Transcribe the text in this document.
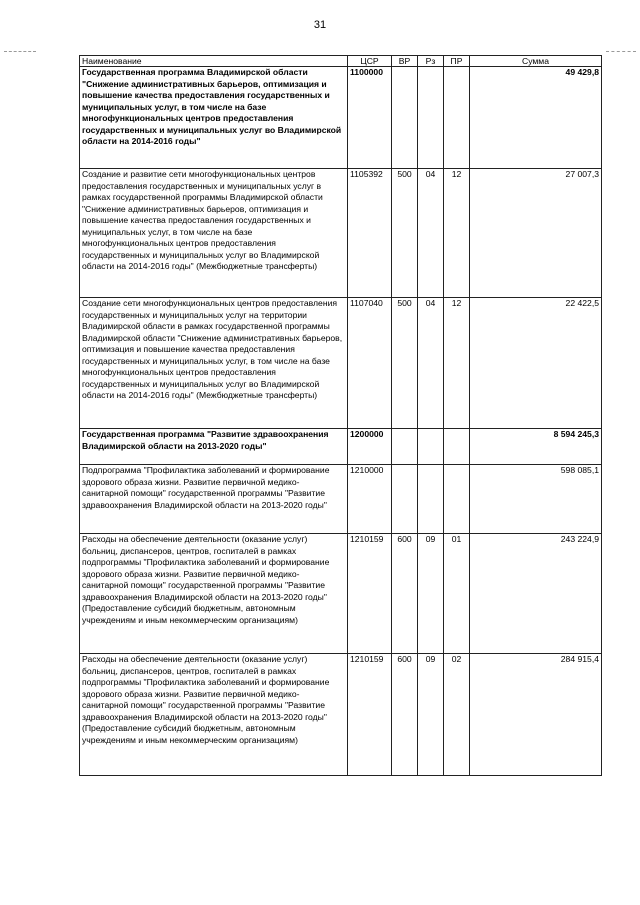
31
Наименование	ЦСР	ВР	Рз	ПР	Сумма
Государственная программа Владимирской области "Снижение административных барьеров, оптимизация и повышение качества предоставления государственных и муниципальных услуг, в том числе на базе многофункциональных центров предоставления государственных и муниципальных услуг во Владимирской области на 2014-2016 годы"	1100000				49 429,8
Создание и развитие сети многофункциональных центров предоставления государственных и муниципальных услуг в рамках государственной программы Владимирской области "Снижение административных барьеров, оптимизация и повышение качества предоставления государственных и муниципальных услуг, в том числе на базе многофункциональных центров предоставления государственных и муниципальных услуг во Владимирской области на 2014-2016 годы" (Межбюджетные трансферты)	1105392	500	04	12	27 007,3
Создание сети многофункциональных центров предоставления государственных и муниципальных услуг на территории Владимирской области в рамках государственной программы Владимирской области "Снижение административных барьеров, оптимизация и повышение качества предоставления государственных и муниципальных услуг, в том числе на базе многофункциональных центров предоставления государственных и муниципальных услуг во Владимирской области на 2014-2016 годы" (Межбюджетные трансферты)	1107040	500	04	12	22 422,5
Государственная программа "Развитие здравоохранения Владимирской области на 2013-2020 годы"	1200000				8 594 245,3
Подпрограмма "Профилактика заболеваний и формирование здорового образа жизни. Развитие первичной медико-санитарной помощи" государственной программы "Развитие здравоохранения Владимирской области на 2013-2020 годы"	1210000				598 085,1
Расходы на обеспечение деятельности (оказание услуг) больниц, диспансеров, центров, госпиталей в рамках подпрограммы "Профилактика заболеваний и формирование здорового образа жизни. Развитие первичной медико-санитарной помощи" государственной программы "Развитие здравоохранения Владимирской области на 2013-2020 годы" (Предоставление субсидий бюджетным, автономным учреждениям и иным некоммерческим организациям)	1210159	600	09	01	243 224,9
Расходы на обеспечение деятельности (оказание услуг) больниц, диспансеров, центров, госпиталей в рамках подпрограммы "Профилактика заболеваний и формирование здорового образа жизни. Развитие первичной медико-санитарной помощи" государственной программы "Развитие здравоохранения Владимирской области на 2013-2020 годы" (Предоставление субсидий бюджетным, автономным учреждениям и иным некоммерческим организациям)	1210159	600	09	02	284 915,4
